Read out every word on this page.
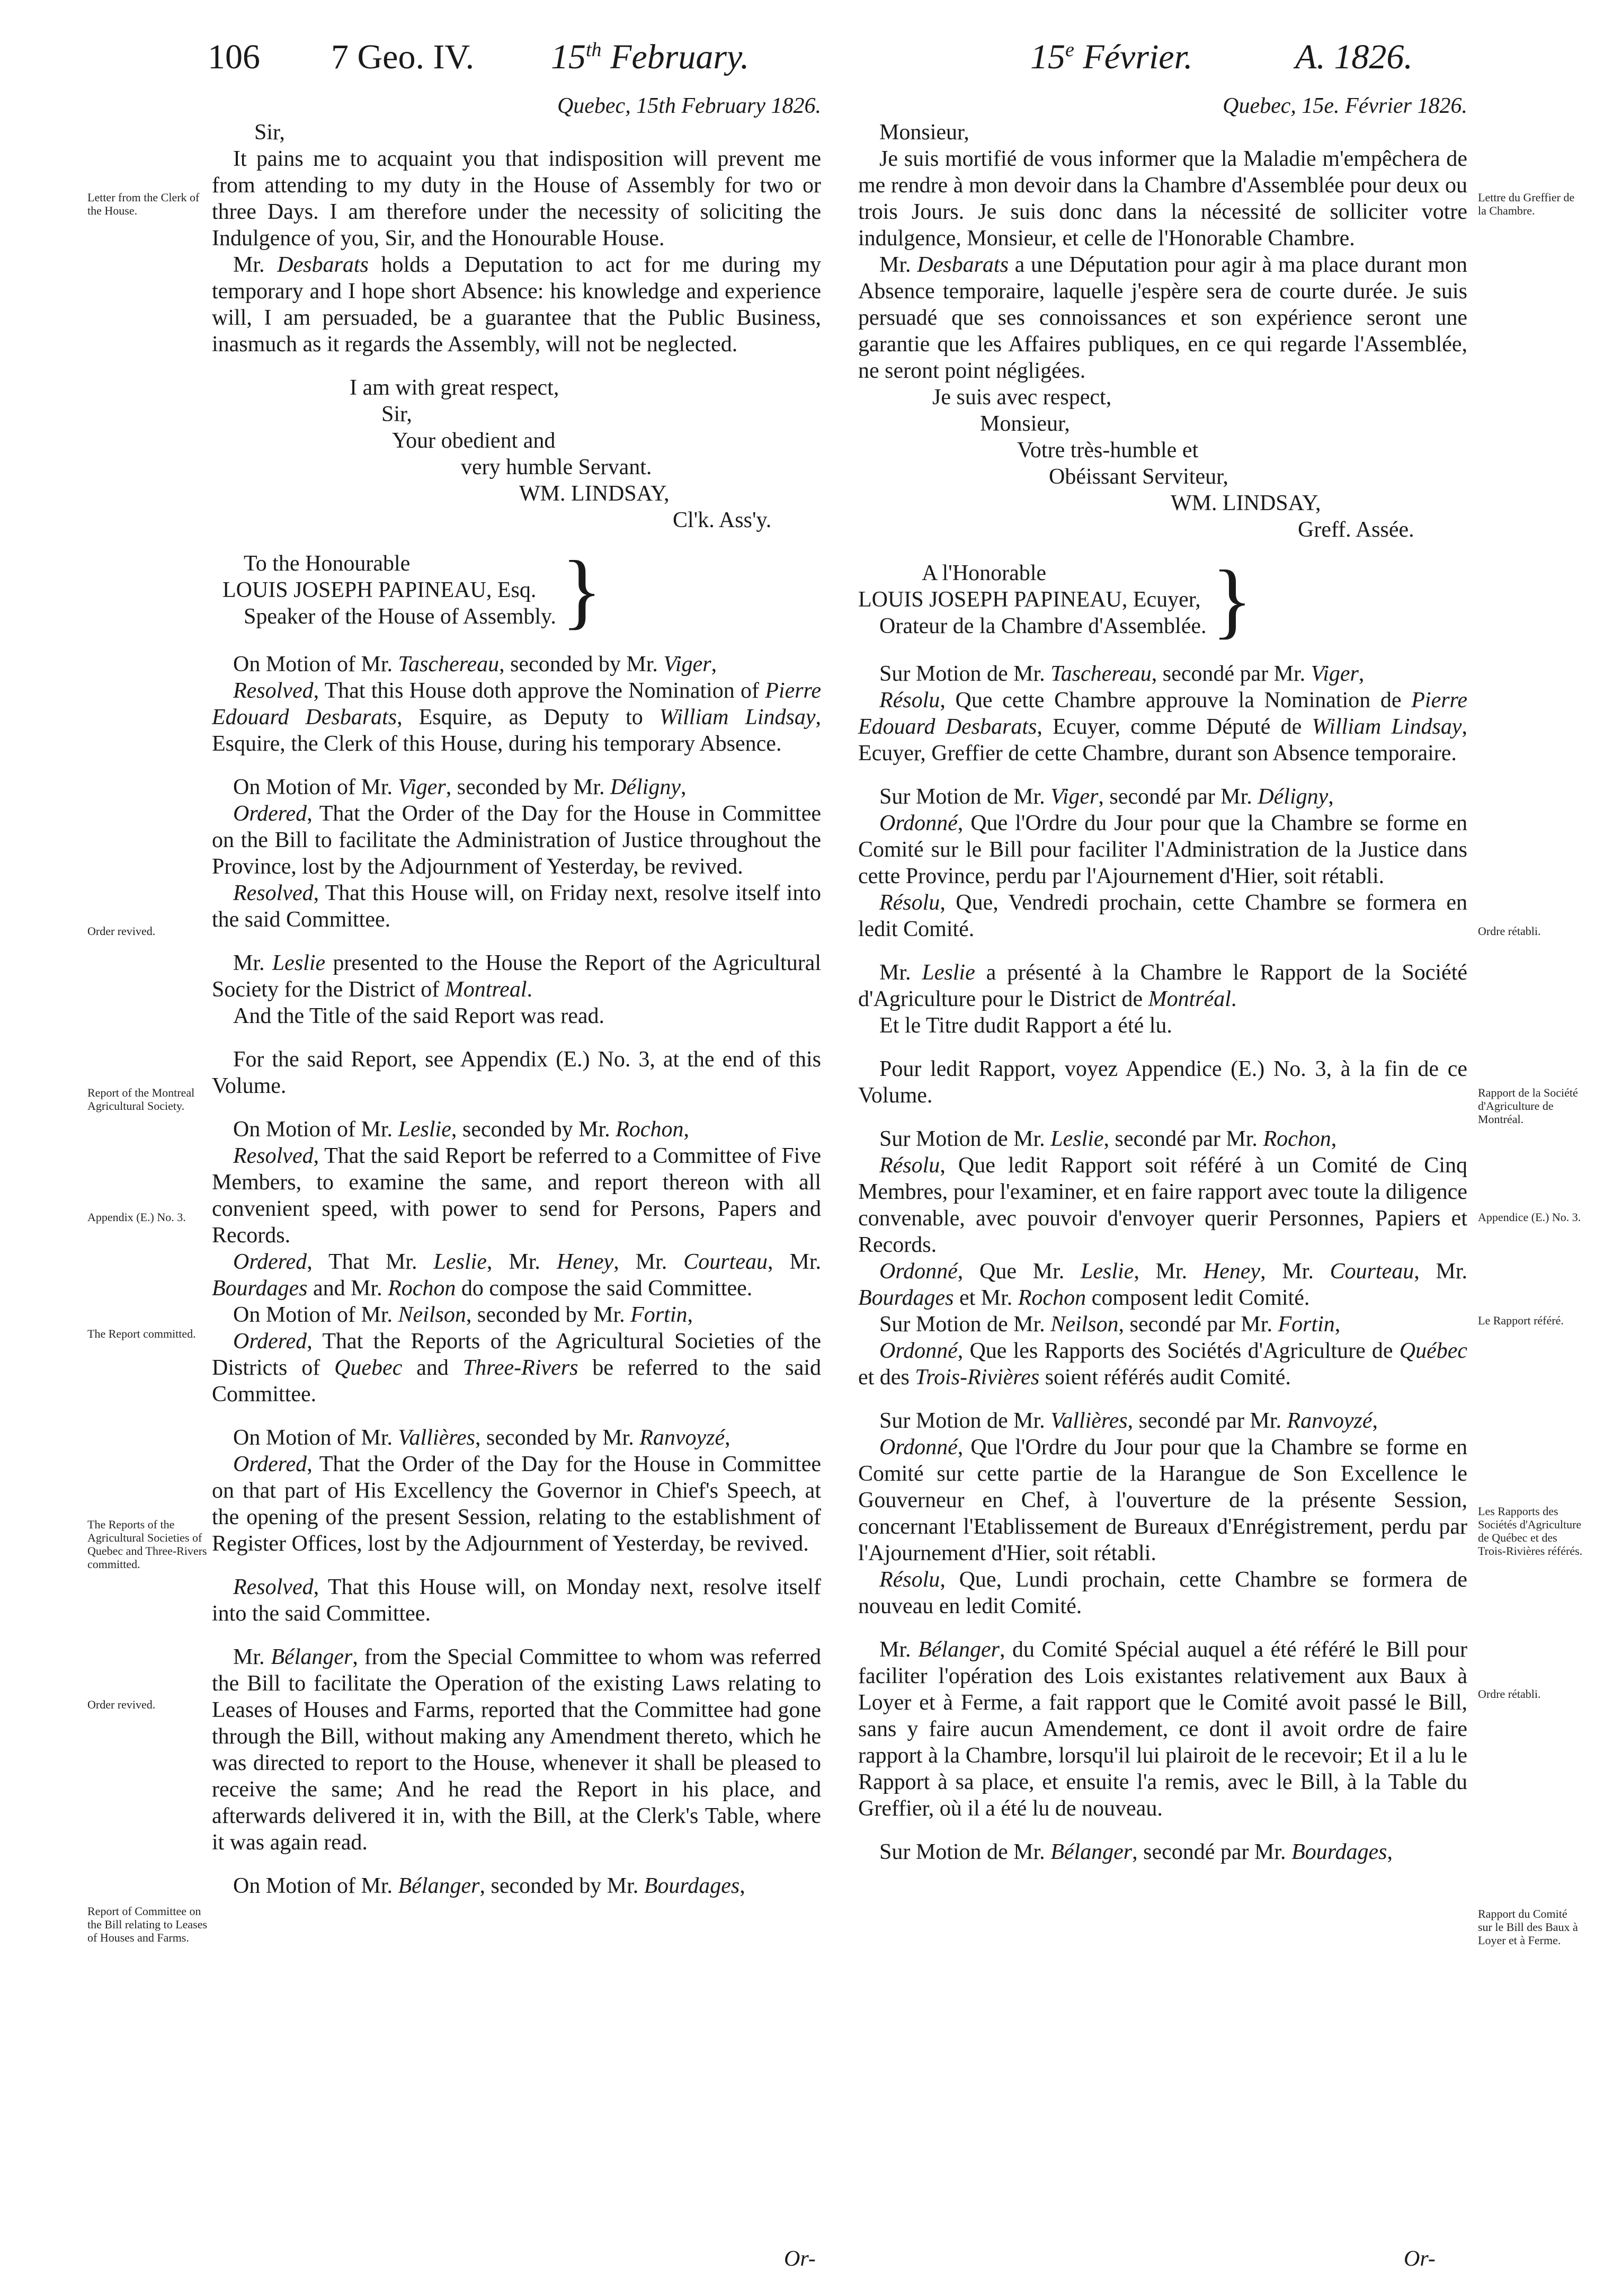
106 7 Geo. IV. 15th February.	15e Février.	A. 1826.

Quebec, 15th February 1826.

Sir,

It pains me to acquaint you that indisposition will prevent me from attending to my duty in the House of Assembly for two or three Days. I am therefore under the necessity of soliciting the Indulgence of you, Sir, and the Honourable House.

Mr. Desbarats holds a Deputation to act for me during my temporary and I hope short Absence: his knowledge and experience will, I am persuaded, be a guarantee that the Public Business, inasmuch as it regards the Assembly, will not be neglected.

I am with great respect,

Sir,

Your obedient and

very humble Servant.

WM. LINDSAY,

Cl'k. Ass'y.

To the Honourable
LOUIS JOSEPH PAPINEAU, Esq.
Speaker of the House of Assembly. }

On Motion of Mr. Taschereau, seconded by Mr. Viger,

Resolved, That this House doth approve the Nomination of Pierre Edouard Desbarats, Esquire, as Deputy to William Lindsay, Esquire, the Clerk of this House, during his temporary Absence.

On Motion of Mr. Viger, seconded by Mr. Déligny,

Ordered, That the Order of the Day for the House in Committee on the Bill to facilitate the Administration of Justice throughout the Province, lost by the Adjournment of Yesterday, be revived.

Resolved, That this House will, on Friday next, resolve itself into the said Committee.

Mr. Leslie presented to the House the Report of the Agricultural Society for the District of Montreal.

And the Title of the said Report was read.

For the said Report, see Appendix (E.) No. 3, at the end of this Volume.

On Motion of Mr. Leslie, seconded by Mr. Rochon,

Resolved, That the said Report be referred to a Committee of Five Members, to examine the same, and report thereon with all convenient speed, with power to send for Persons, Papers and Records.

Ordered, That Mr. Leslie, Mr. Heney, Mr. Courteau, Mr. Bourdages and Mr. Rochon do compose the said Committee.

On Motion of Mr. Neilson, seconded by Mr. Fortin,

Ordered, That the Reports of the Agricultural Societies of the Districts of Quebec and Three-Rivers be referred to the said Committee.

On Motion of Mr. Vallières, seconded by Mr. Ranvoyzé,

Ordered, That the Order of the Day for the House in Committee on that part of His Excellency the Governor in Chief's Speech, at the opening of the present Session, relating to the establishment of Register Offices, lost by the Adjournment of Yesterday, be revived.

Resolved, That this House will, on Monday next, resolve itself into the said Committee.

Mr. Bélanger, from the Special Committee to whom was referred the Bill to facilitate the Operation of the existing Laws relating to Leases of Houses and Farms, reported that the Committee had gone through the Bill, without making any Amendment thereto, which he was directed to report to the House, whenever it shall be pleased to receive the same; And he read the Report in his place, and afterwards delivered it in, with the Bill, at the Clerk's Table, where it was again read.

On Motion of Mr. Bélanger, seconded by Mr. Bourdages,

Quebec, 15e. Février 1826.

Monsieur,

Je suis mortifié de vous informer que la Maladie m'empêchera de me rendre à mon devoir dans la Chambre d'Assemblée pour deux ou trois Jours. Je suis donc dans la nécessité de solliciter votre indulgence, Monsieur, et celle de l'Honorable Chambre.

Mr. Desbarats a une Députation pour agir à ma place durant mon Absence temporaire, laquelle j'espère sera de courte durée. Je suis persuadé que ses connoissances et son expérience seront une garantie que les Affaires publiques, en ce qui regarde l'Assemblée, ne seront point négligées.

Je suis avec respect,

Monsieur,

Votre très-humble et

Obéissant Serviteur,

WM. LINDSAY,

Greff. Assée.

A l'Honorable
LOUIS JOSEPH PAPINEAU, Ecuyer,
Orateur de la Chambre d'Assemblée. }

Sur Motion de Mr. Taschereau, secondé par Mr. Viger,

Résolu, Que cette Chambre approuve la Nomination de Pierre Edouard Desbarats, Ecuyer, comme Député de William Lindsay, Ecuyer, Greffier de cette Chambre, durant son Absence temporaire.

Sur Motion de Mr. Viger, secondé par Mr. Déligny,

Ordonné, Que l'Ordre du Jour pour que la Chambre se forme en Comité sur le Bill pour faciliter l'Administration de la Justice dans cette Province, perdu par l'Ajournement d'Hier, soit rétabli.

Résolu, Que, Vendredi prochain, cette Chambre se formera en ledit Comité.

Mr. Leslie a présenté à la Chambre le Rapport de la Société d'Agriculture pour le District de Montréal.

Et le Titre dudit Rapport a été lu.

Pour ledit Rapport, voyez Appendice (E.) No. 3, à la fin de ce Volume.

Sur Motion de Mr. Leslie, secondé par Mr. Rochon,

Résolu, Que ledit Rapport soit référé à un Comité de Cinq Membres, pour l'examiner, et en faire rapport avec toute la diligence convenable, avec pouvoir d'envoyer querir Personnes, Papiers et Records.

Ordonné, Que Mr. Leslie, Mr. Heney, Mr. Courteau, Mr. Bourdages et Mr. Rochon composent ledit Comité.

Sur Motion de Mr. Neilson, secondé par Mr. Fortin,

Ordonné, Que les Rapports des Sociétés d'Agriculture de Québec et des Trois-Rivières soient référés audit Comité.

Sur Motion de Mr. Vallières, secondé par Mr. Ranvoyzé,

Ordonné, Que l'Ordre du Jour pour que la Chambre se forme en Comité sur cette partie de la Harangue de Son Excellence le Gouverneur en Chef, à l'ouverture de la présente Session, concernant l'Etablissement de Bureaux d'Enrégistrement, perdu par l'Ajournement d'Hier, soit rétabli.

Résolu, Que, Lundi prochain, cette Chambre se formera de nouveau en ledit Comité.

Mr. Bélanger, du Comité Spécial auquel a été référé le Bill pour faciliter l'opération des Lois existantes relativement aux Baux à Loyer et à Ferme, a fait rapport que le Comité avoit passé le Bill, sans y faire aucun Amendement, ce dont il avoit ordre de faire rapport à la Chambre, lorsqu'il lui plairoit de le recevoir; Et il a lu le Rapport à sa place, et ensuite l'a remis, avec le Bill, à la Table du Greffier, où il a été lu de nouveau.

Sur Motion de Mr. Bélanger, secondé par Mr. Bourdages,

Or-	Or-
Letter from the Clerk of the House.
Order revived.
Report of the Montreal Agricultural Society.
Appendix (E.) No. 3.
The Report committed.
The Reports of the Agricultural Societies of Quebec and Three-Rivers committed.
Order revived.
Report of Committee on the Bill relating to Leases of Houses and Farms.
Lettre du Greffier de la Chambre.
Ordre rétabli.
Rapport de la Société d'Agriculture de Montréal.
Appendice (E.) No. 3.
Le Rapport référé.
Les Rapports des Sociétés d'Agriculture de Québec et des Trois-Rivières référés.
Ordre rétabli.
Rapport du Comité sur le Bill des Baux à Loyer et à Ferme.
